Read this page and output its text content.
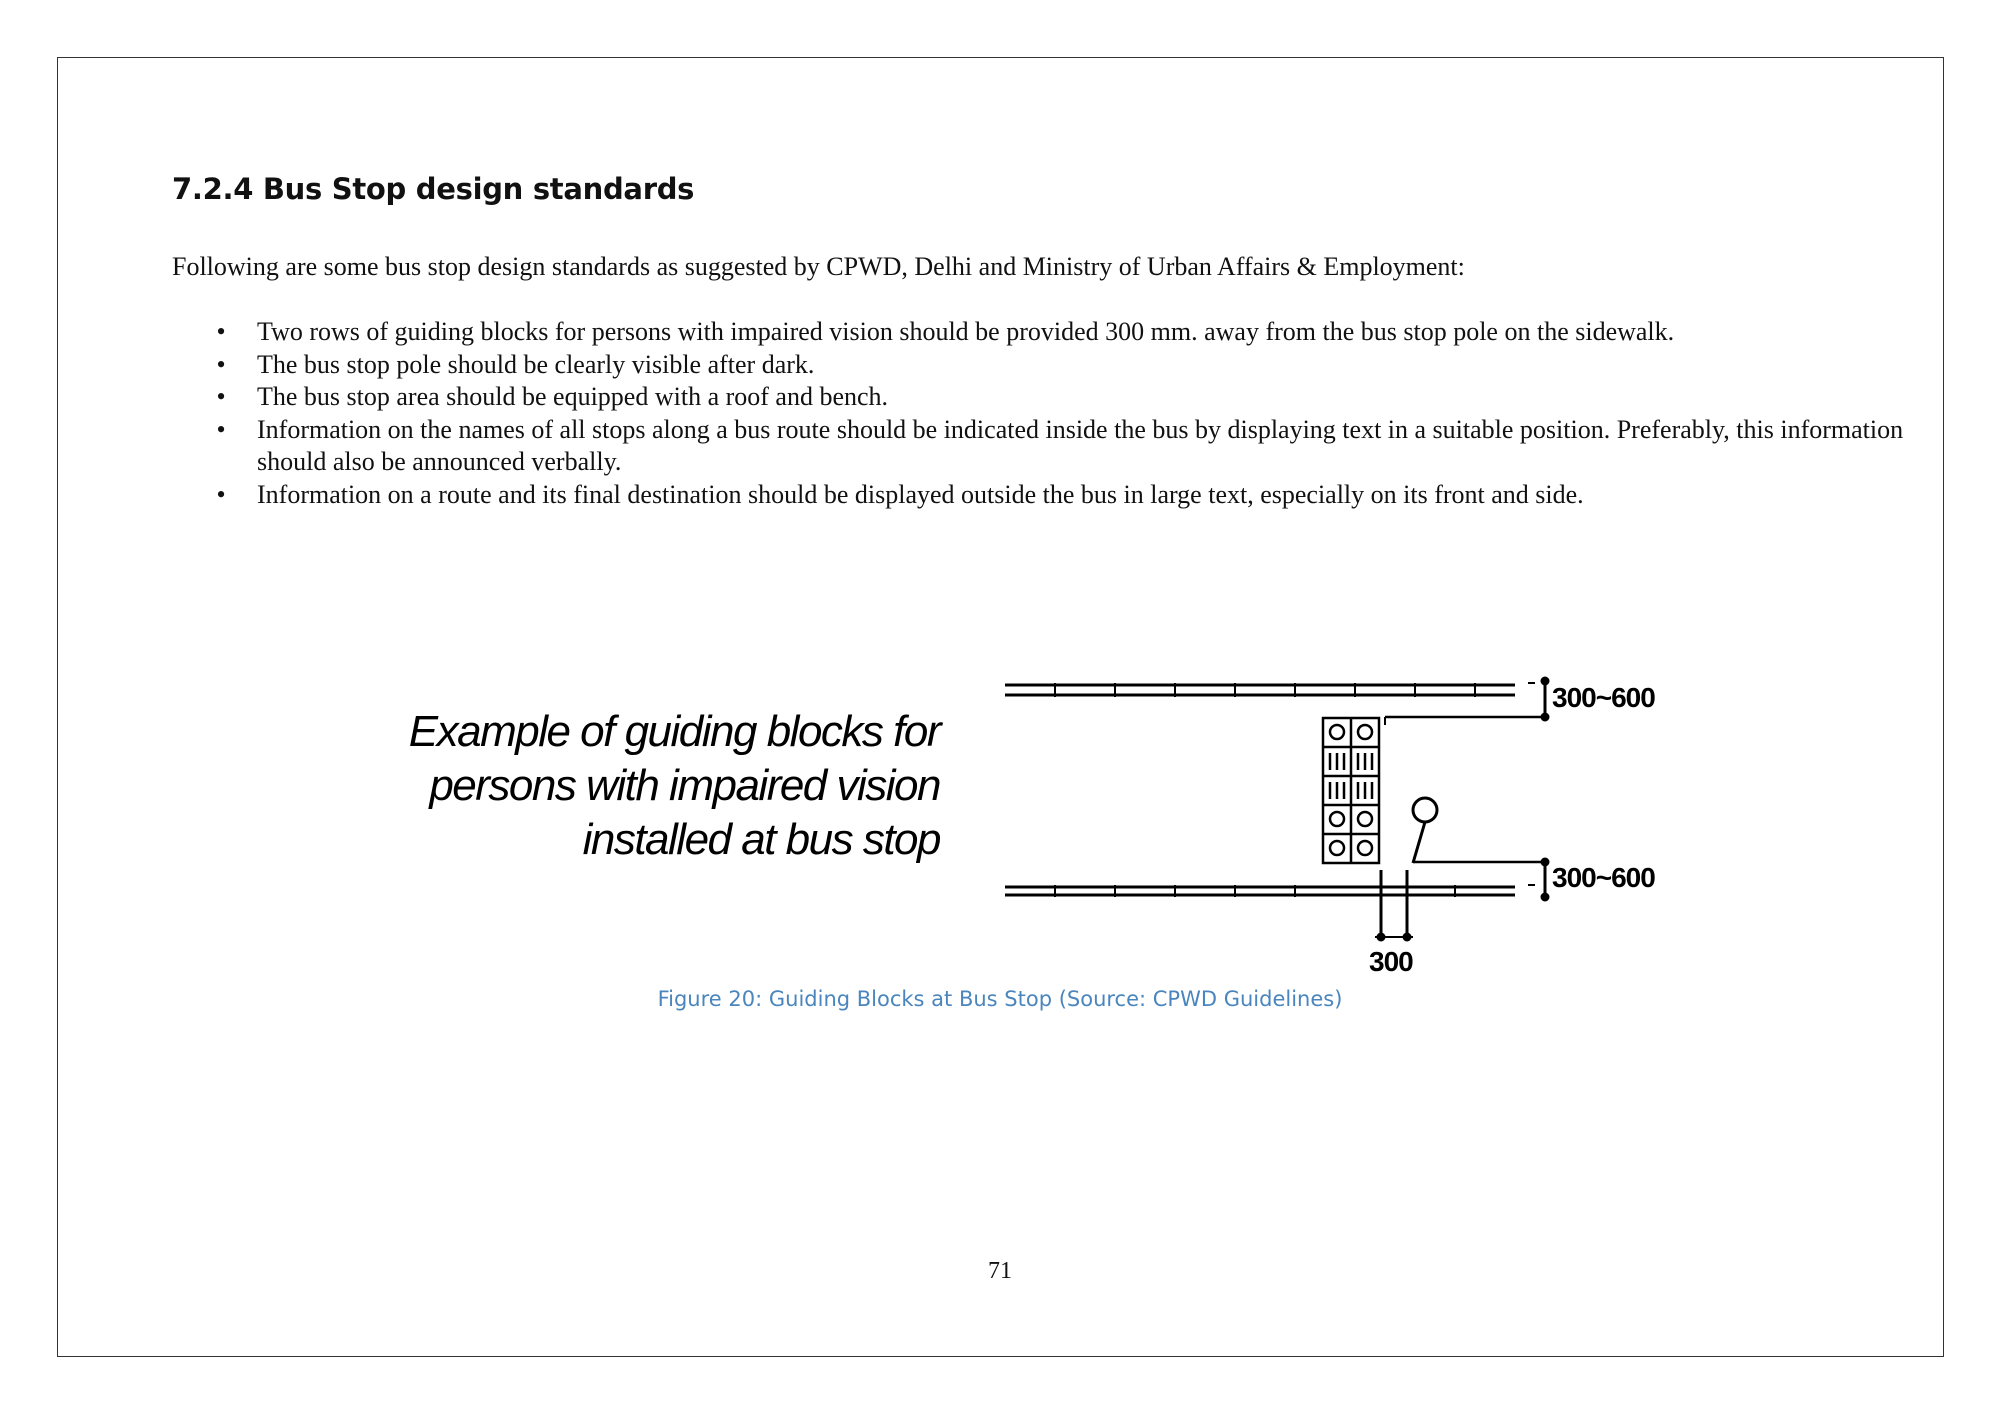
7.2.4 Bus Stop design standards

Following are some bus stop design standards as suggested by CPWD, Delhi and Ministry of Urban Affairs & Employment:

• Two rows of guiding blocks for persons with impaired vision should be provided 300 mm. away from the bus stop pole on the sidewalk.
• The bus stop pole should be clearly visible after dark.
• The bus stop area should be equipped with a roof and bench.
• Information on the names of all stops along a bus route should be indicated inside the bus by displaying text in a suitable position. Preferably, this information should also be announced verbally.
• Information on a route and its final destination should be displayed outside the bus in large text, especially on its front and side.
Example of guiding blocks for
persons with impaired vision
installed at bus stop
300~600
300~600
300

Figure 20: Guiding Blocks at Bus Stop (Source: CPWD Guidelines)

71
